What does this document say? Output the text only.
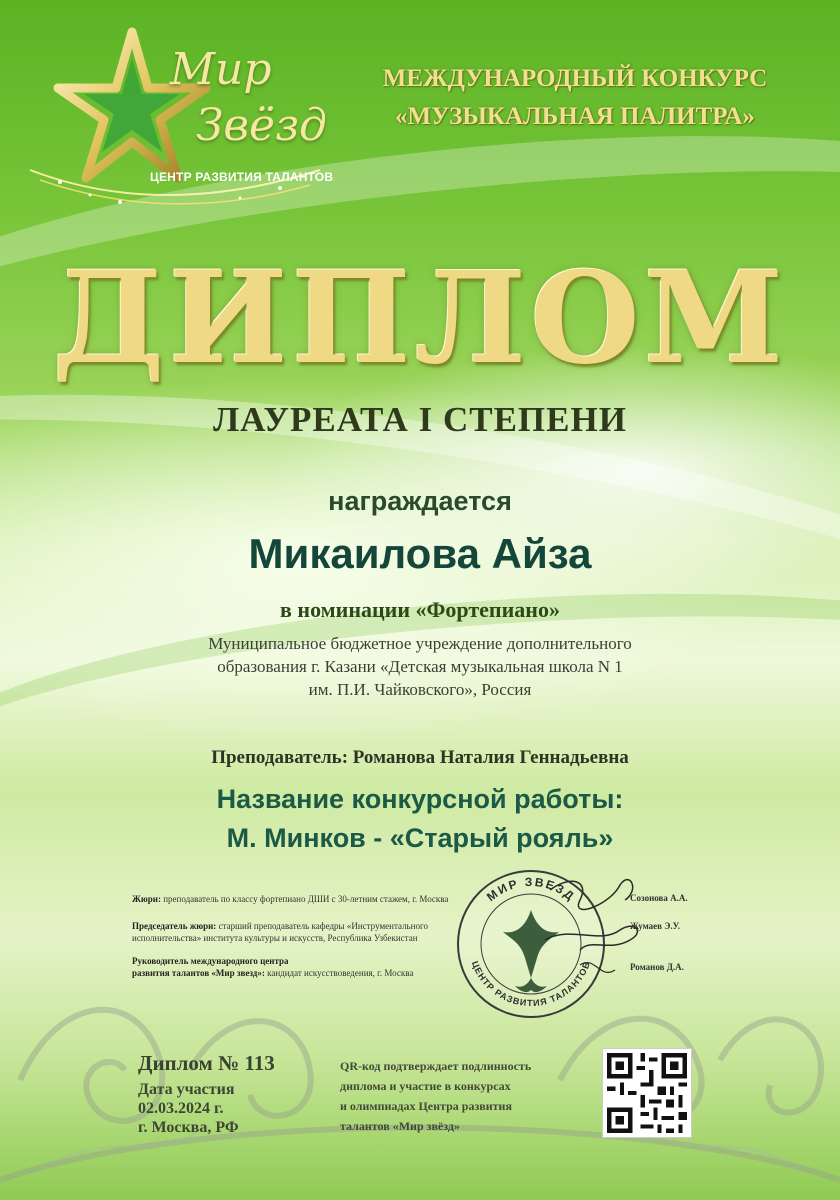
Мир
Звёзд
ЦЕНТР РАЗВИТИЯ ТАЛАНТОВ
МЕЖДУНАРОДНЫЙ КОНКУРС
«МУЗЫКАЛЬНАЯ ПАЛИТРА»
ДИПЛОМ
ЛАУРЕАТА I СТЕПЕНИ
награждается
Микаилова Айза
в номинации «Фортепиано»
Муниципальное бюджетное учреждение дополнительного
образования г. Казани «Детская музыкальная школа N 1
им. П.И. Чайковского», Россия
Преподаватель: Романова Наталия Геннадьевна
Название конкурсной работы:
М. Минков - «Старый рояль»
Жюри: преподаватель по классу фортепиано ДШИ с 30-летним стажем, г. Москва	Созонова А.А.
Председатель жюри: старший преподаватель кафедры «Инструментального
исполнительства» института культуры и искусств, Республика Узбекистан
Жумаев Э.У.
Руководитель международного центра
развития талантов «Мир звезд»: кандидат искусствоведения, г. Москва
Романов Д.А.
МИР ЗВЕЗД
ЦЕНТР РАЗВИТИЯ ТАЛАНТОВ
Диплом № 113
Дата участия
02.03.2024 г.
г. Москва, РФ
QR-код подтверждает подлинность
диплома и участие в конкурсах
и олимпиадах Центра развития
талантов «Мир звёзд»
